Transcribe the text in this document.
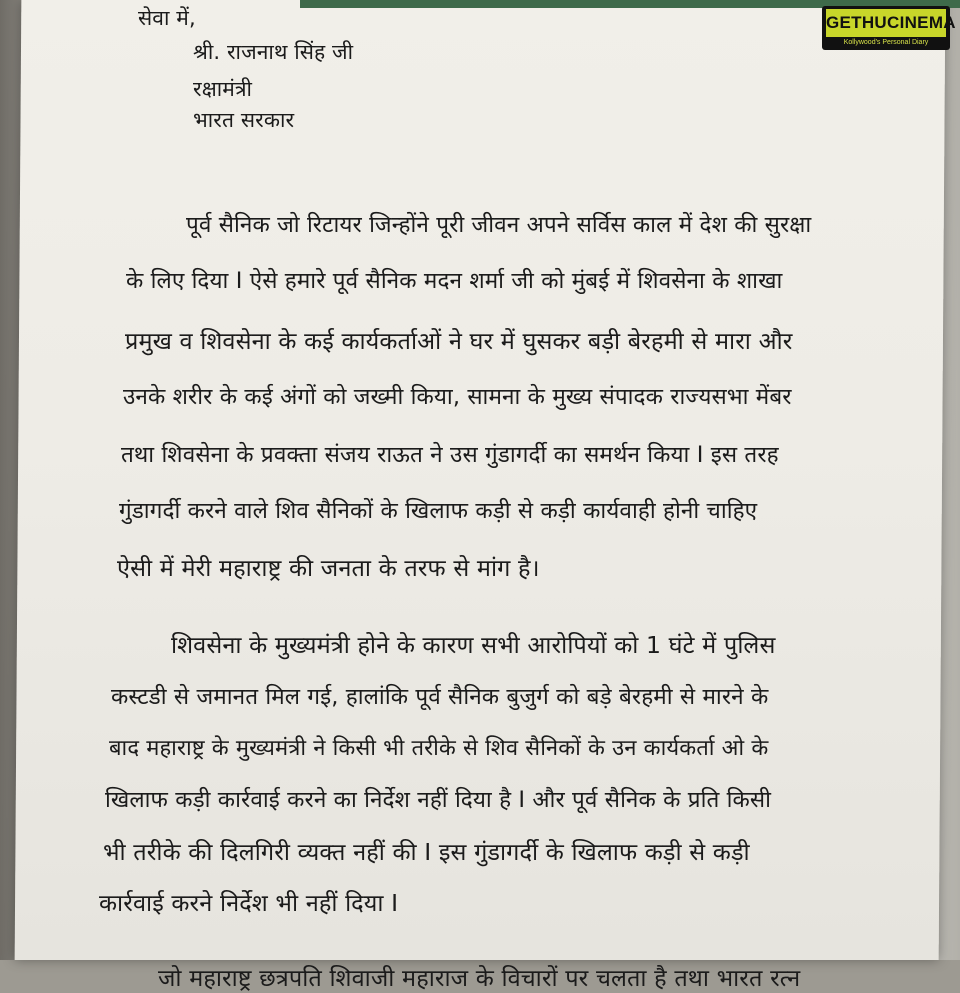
सेवा में,
श्री. राजनाथ सिंह जी
रक्षामंत्री
भारत सरकार
पूर्व सैनिक जो रिटायर जिन्होंने पूरी जीवन अपने सर्विस काल में देश की सुरक्षा
के लिए दिया I ऐसे हमारे पूर्व सैनिक मदन शर्मा जी को मुंबई में शिवसेना के शाखा
प्रमुख व शिवसेना के कई कार्यकर्ताओं ने घर में घुसकर बड़ी बेरहमी से मारा और
उनके शरीर के कई अंगों को जख्मी किया, सामना के मुख्य संपादक राज्यसभा मेंबर
तथा शिवसेना के प्रवक्ता संजय राऊत ने उस गुंडागर्दी का समर्थन किया I इस तरह
गुंडागर्दी करने वाले शिव सैनिकों के खिलाफ कड़ी से कड़ी कार्यवाही होनी चाहिए
ऐसी में मेरी महाराष्ट्र की जनता के तरफ से मांग है।
शिवसेना के मुख्यमंत्री होने के कारण सभी आरोपियों को 1 घंटे में पुलिस
कस्टडी से जमानत मिल गई, हालांकि पूर्व सैनिक बुजुर्ग को बड़े बेरहमी से मारने के
बाद महाराष्ट्र के मुख्यमंत्री ने किसी भी तरीके से शिव सैनिकों के उन कार्यकर्ता ओ के
खिलाफ कड़ी कार्रवाई करने का निर्देश नहीं दिया है I और पूर्व सैनिक के प्रति किसी
भी तरीके की दिलगिरी व्यक्त नहीं की I इस गुंडागर्दी के खिलाफ कड़ी से कड़ी
कार्रवाई करने निर्देश भी नहीं दिया I
जो महाराष्ट्र छत्रपति शिवाजी महाराज के विचारों पर चलता है तथा भारत रत्न
GETHUCINEMA
Kollywood's Personal Diary
